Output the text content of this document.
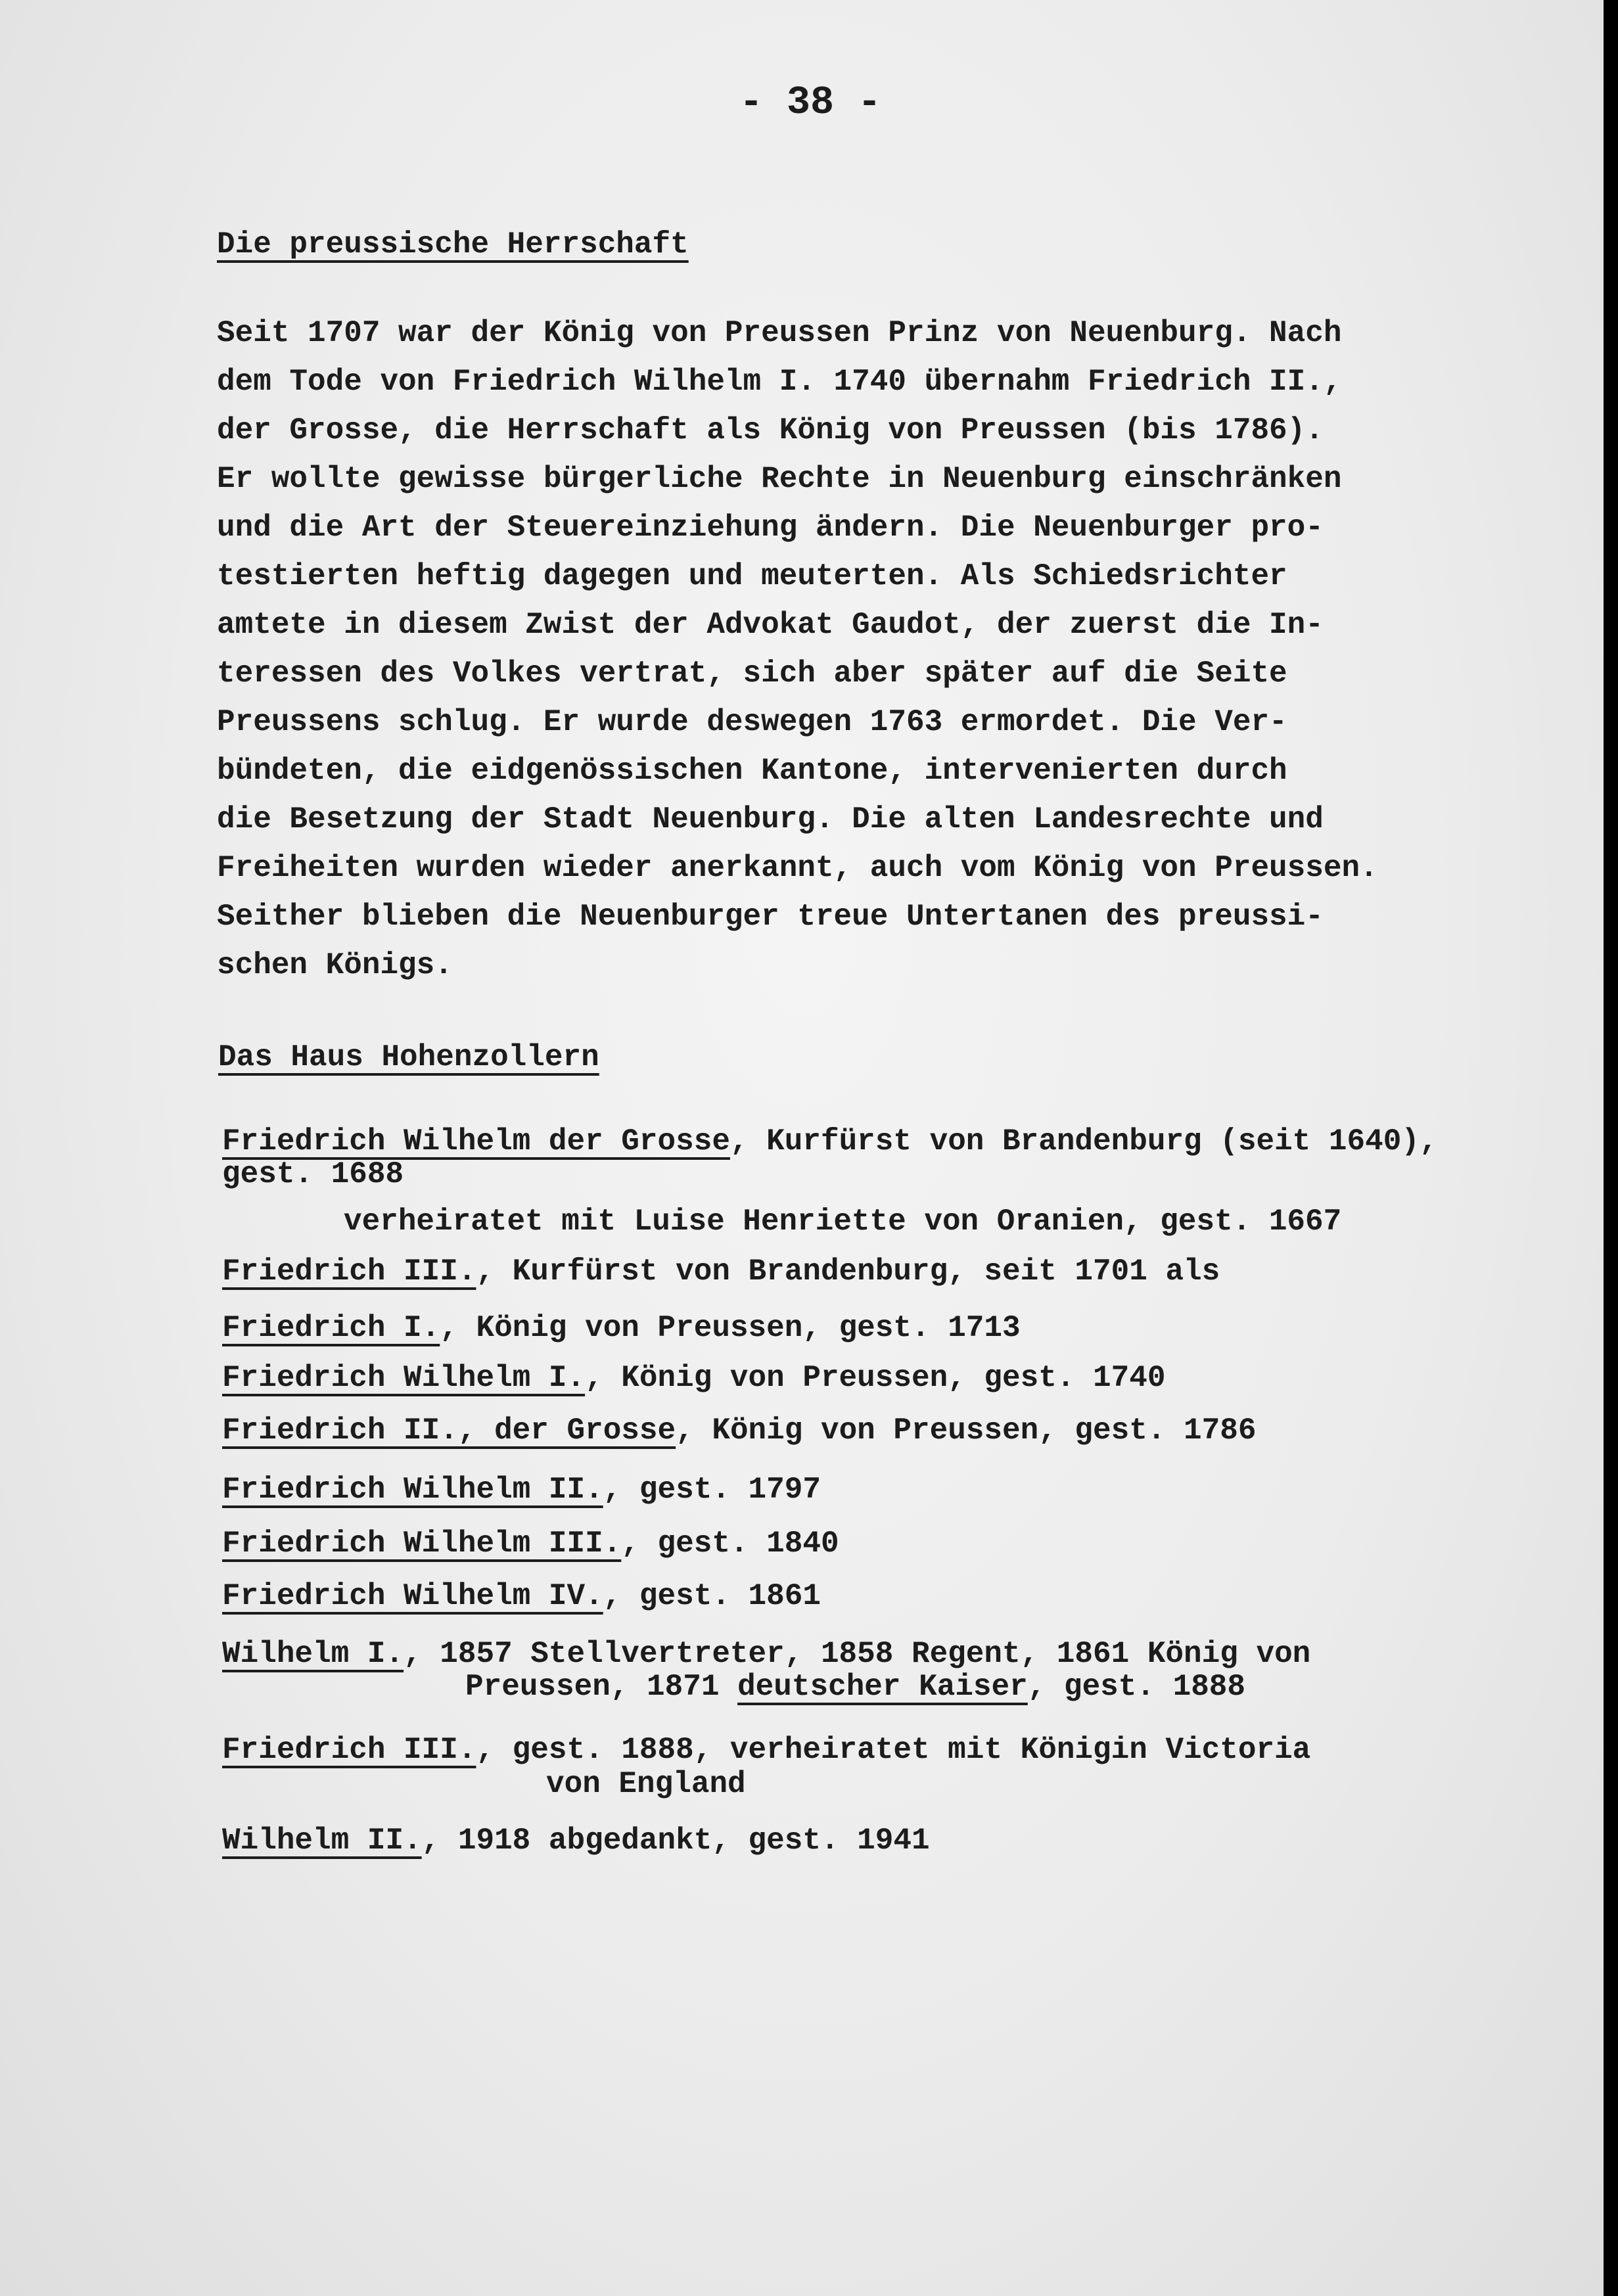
- 38 -
Die preussische Herrschaft
Seit 1707 war der König von Preussen Prinz von Neuenburg. Nach
dem Tode von Friedrich Wilhelm I. 1740 übernahm Friedrich II.,
der Grosse, die Herrschaft als König von Preussen (bis 1786).
Er wollte gewisse bürgerliche Rechte in Neuenburg einschränken
und die Art der Steuereinziehung ändern. Die Neuenburger pro-
testierten heftig dagegen und meuterten. Als Schiedsrichter
amtete in diesem Zwist der Advokat Gaudot, der zuerst die In-
teressen des Volkes vertrat, sich aber später auf die Seite
Preussens schlug. Er wurde deswegen 1763 ermordet. Die Ver-
bündeten, die eidgenössischen Kantone, intervenierten durch
die Besetzung der Stadt Neuenburg. Die alten Landesrechte und
Freiheiten wurden wieder anerkannt, auch vom König von Preussen.
Seither blieben die Neuenburger treue Untertanen des preussi-
schen Königs.
Das Haus Hohenzollern
Friedrich Wilhelm der Grosse, Kurfürst von Brandenburg (seit 1640),
gest. 1688
verheiratet mit Luise Henriette von Oranien, gest. 1667
Friedrich III., Kurfürst von Brandenburg, seit 1701 als
Friedrich I., König von Preussen, gest. 1713
Friedrich Wilhelm I., König von Preussen, gest. 1740
Friedrich II., der Grosse, König von Preussen, gest. 1786
Friedrich Wilhelm II., gest. 1797
Friedrich Wilhelm III., gest. 1840
Friedrich Wilhelm IV., gest. 1861
Wilhelm I., 1857 Stellvertreter, 1858 Regent, 1861 König von
Preussen, 1871 deutscher Kaiser, gest. 1888
Friedrich III., gest. 1888, verheiratet mit Königin Victoria
von England
Wilhelm II., 1918 abgedankt, gest. 1941
